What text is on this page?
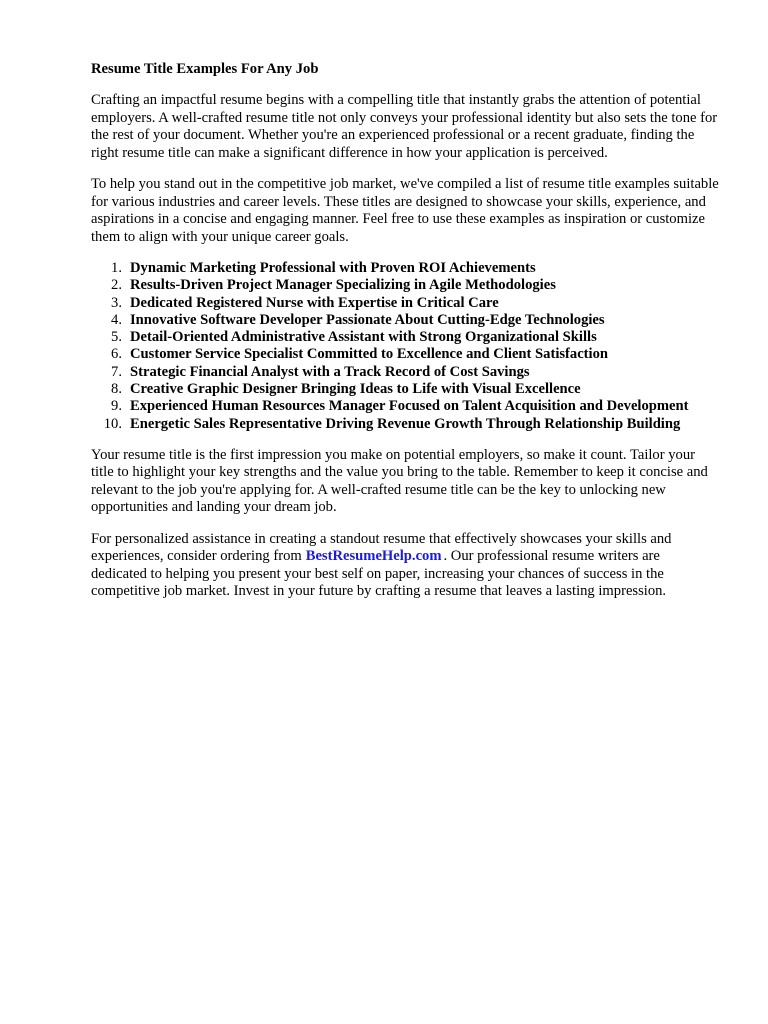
Resume Title Examples For Any Job

Crafting an impactful resume begins with a compelling title that instantly grabs the attention of potential employers. A well-crafted resume title not only conveys your professional identity but also sets the tone for the rest of your document. Whether you're an experienced professional or a recent graduate, finding the right resume title can make a significant difference in how your application is perceived.

To help you stand out in the competitive job market, we've compiled a list of resume title examples suitable for various industries and career levels. These titles are designed to showcase your skills, experience, and aspirations in a concise and engaging manner. Feel free to use these examples as inspiration or customize them to align with your unique career goals.

1. Dynamic Marketing Professional with Proven ROI Achievements
2. Results-Driven Project Manager Specializing in Agile Methodologies
3. Dedicated Registered Nurse with Expertise in Critical Care
4. Innovative Software Developer Passionate About Cutting-Edge Technologies
5. Detail-Oriented Administrative Assistant with Strong Organizational Skills
6. Customer Service Specialist Committed to Excellence and Client Satisfaction
7. Strategic Financial Analyst with a Track Record of Cost Savings
8. Creative Graphic Designer Bringing Ideas to Life with Visual Excellence
9. Experienced Human Resources Manager Focused on Talent Acquisition and Development
10. Energetic Sales Representative Driving Revenue Growth Through Relationship Building

Your resume title is the first impression you make on potential employers, so make it count. Tailor your title to highlight your key strengths and the value you bring to the table. Remember to keep it concise and relevant to the job you're applying for. A well-crafted resume title can be the key to unlocking new opportunities and landing your dream job.

For personalized assistance in creating a standout resume that effectively showcases your skills and experiences, consider ordering from BestResumeHelp.com . Our professional resume writers are dedicated to helping you present your best self on paper, increasing your chances of success in the competitive job market. Invest in your future by crafting a resume that leaves a lasting impression.
